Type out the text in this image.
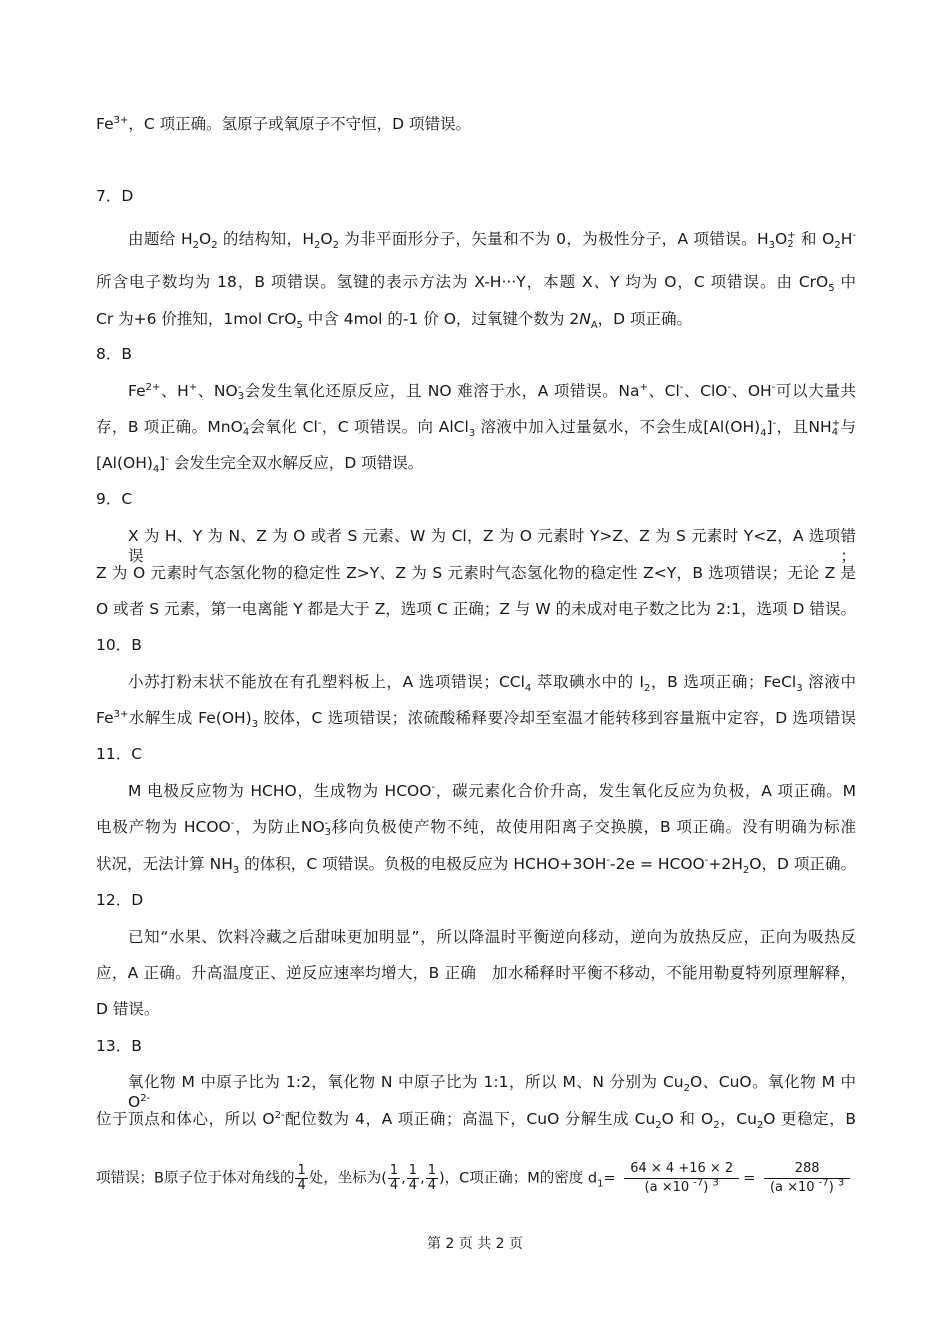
$Fe^{3+}$，C 项正确。氢原子或氧原子不守恒，D 项错误。
7．D
由题给 $H_2O_2$ 的结构知，$H_2O_2$ 为非平面形分子，矢量和不为 0，为极性分子，A 项错误。$H_3O$ +
2 和 $O_2H^-$
所含电子数均为 18，B 项错误。氢键的表示方法为 X-H···Y，本题 X、Y 均为 O，C 项错误。由 CrO$_5$ 中
Cr 为+6 价推知，1mol CrO$_5$ 中含 4mol 的-1 价 O，过氧键个数为 $2N_A$，D 项正确。
8．B
$Fe^{2+}$、H+、NO -
3 会发生氧化还原反应，且 NO 难溶于水，A 项错误。Na+、Cl-、ClO-、OH-可以大量共
存，B 项正确。MnO -
4 会氧化 Cl-，C 项错误。向 AlCl$_3$ 溶液中加入过量氨水，不会生成$[Al(OH)_4]^-$，且NH +
4 与
$[Al(OH)_4]^-$ 会发生完全双水解反应，D 项错误。
9．C
X 为 H、Y 为 N、Z 为 O 或者 S 元素、W 为 Cl，Z 为 O 元素时 Y>Z、Z 为 S 元素时 Y<Z，A 选项错误；
Z 为 O 元素时气态氢化物的稳定性 Z>Y、Z 为 S 元素时气态氢化物的稳定性 Z<Y，B 选项错误；无论 Z 是
O 或者 S 元素，第一电离能 Y 都是大于 Z，选项 C 正确；Z 与 W 的未成对电子数之比为 2:1，选项 D 错误。
10．B
小苏打粉末状不能放在有孔塑料板上，A 选项错误；CCl$_4$ 萃取碘水中的 $I_2$，B 选项正确；FeCl$_3$ 溶液中
$Fe^{3+}$水解生成 $Fe(OH)_3$ 胶体，C 选项错误；浓硫酸稀释要冷却至室温才能转移到容量瓶中定容，D 选项错误
11．C
M 电极反应物为 HCHO，生成物为 HCOO-，碳元素化合价升高，发生氧化反应为负极，A 项正确。M
电极产物为 HCOO-，为防止NO -
3 移向负极使产物不纯，故使用阳离子交换膜，B 项正确。没有明确为标准
状况，无法计算 $NH_3$ 的体积，C 项错误。负极的电极反应为 HCHO+3OH--2e = $HCOO^-+2H_2O$，D 项正确。
12．D
已知“水果、饮料冷藏之后甜味更加明显”，所以降温时平衡逆向移动，逆向为放热反应，正向为吸热反
应，A 正确。升高温度正、逆反应速率均增大，B 正确　加水稀释时平衡不移动，不能用勒夏特列原理解释，
D 错误。
13．B
氧化物 M 中原子比为 1:2，氧化物 N 中原子比为 1:1，所以 M、N 分别为 $Cu_2O$、CuO。氧化物 M 中 $O^{2-}$
位于顶点和体心，所以 $O^{2-}$配位数为 4，A 项正确；高温下，CuO 分解生成 $Cu_2O$ 和 $O_2$，$Cu_2O$ 更稳定，B
项错误；B原子位于体对角线的 $\frac{1}{4}$ 处，坐标为( $\frac{1}{4}$ , $\frac{1}{4}$ , $\frac{1}{4}$ )，C项正确；M的密度 $d_1= \frac{64 \times 4 +16 \times 2}{(a \times 10 ^{-7}) ^3} = \frac{288}{(a \times 10 ^{-7}) ^3}$
第 2 页 共 2 页
